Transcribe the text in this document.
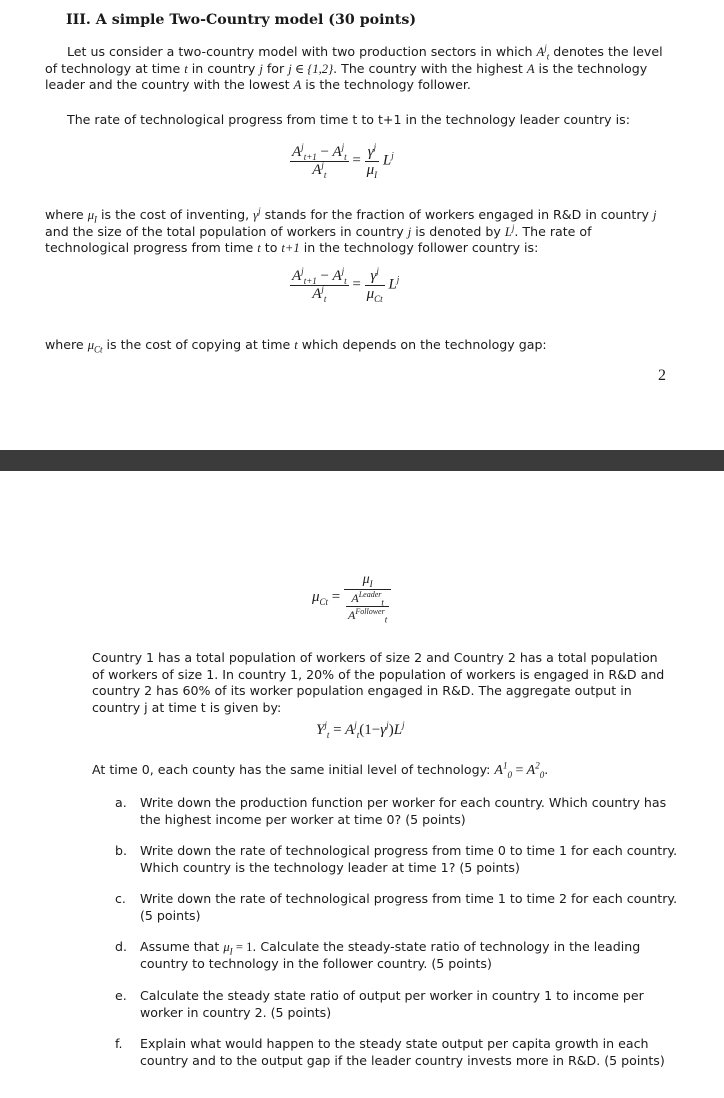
III. A simple Two-Country model (30 points)
Let us consider a two-country model with two production sectors in which $A^j_t$ denotes the level of technology at time t in country j for j ∈ {1,2}. The country with the highest A is the technology leader and the country with the lowest A is the technology follower.
The rate of technological progress from time t to t+1 in the technology leader country is:
$\frac{A^j_{t+1} - A^j_t}{A^j_t} = \frac{\gamma^j}{\mu_I} L^j$
where $\mu_I$ is the cost of inventing, $\gamma^j$ stands for the fraction of workers engaged in R&D in country j and the size of the total population of workers in country j is denoted by $L^j$. The rate of technological progress from time t to t+1 in the technology follower country is:
$\frac{A^j_{t+1} - A^j_t}{A^j_t} = \frac{\gamma^j}{\mu_{Ct}} L^j$
where $\mu_{Ct}$ is the cost of copying at time t which depends on the technology gap:
2
$\mu_{Ct} = \frac{\mu_I}{\frac{A^{Leader}_t}{A^{Follower}_t}}$
Country 1 has a total population of workers of size 2 and Country 2 has a total population of workers of size 1. In country 1, 20% of the population of workers is engaged in R&D and country 2 has 60% of its worker population engaged in R&D. The aggregate output in country j at time t is given by:
$Y^j_t = A^j_t(1-\gamma^j)L^j$
At time 0, each county has the same initial level of technology: $A^1_0 = A^2_0$.
a.	Write down the production function per worker for each country. Which country has the highest income per worker at time 0? (5 points)
b.	Write down the rate of technological progress from time 0 to time 1 for each country. Which country is the technology leader at time 1? (5 points)
c.	Write down the rate of technological progress from time 1 to time 2 for each country. (5 points)
d.	Assume that $\mu_I = 1$. Calculate the steady-state ratio of technology in the leading country to technology in the follower country. (5 points)
e.	Calculate the steady state ratio of output per worker in country 1 to income per worker in country 2. (5 points)
f.	Explain what would happen to the steady state output per capita growth in each country and to the output gap if the leader country invests more in R&D. (5 points)
